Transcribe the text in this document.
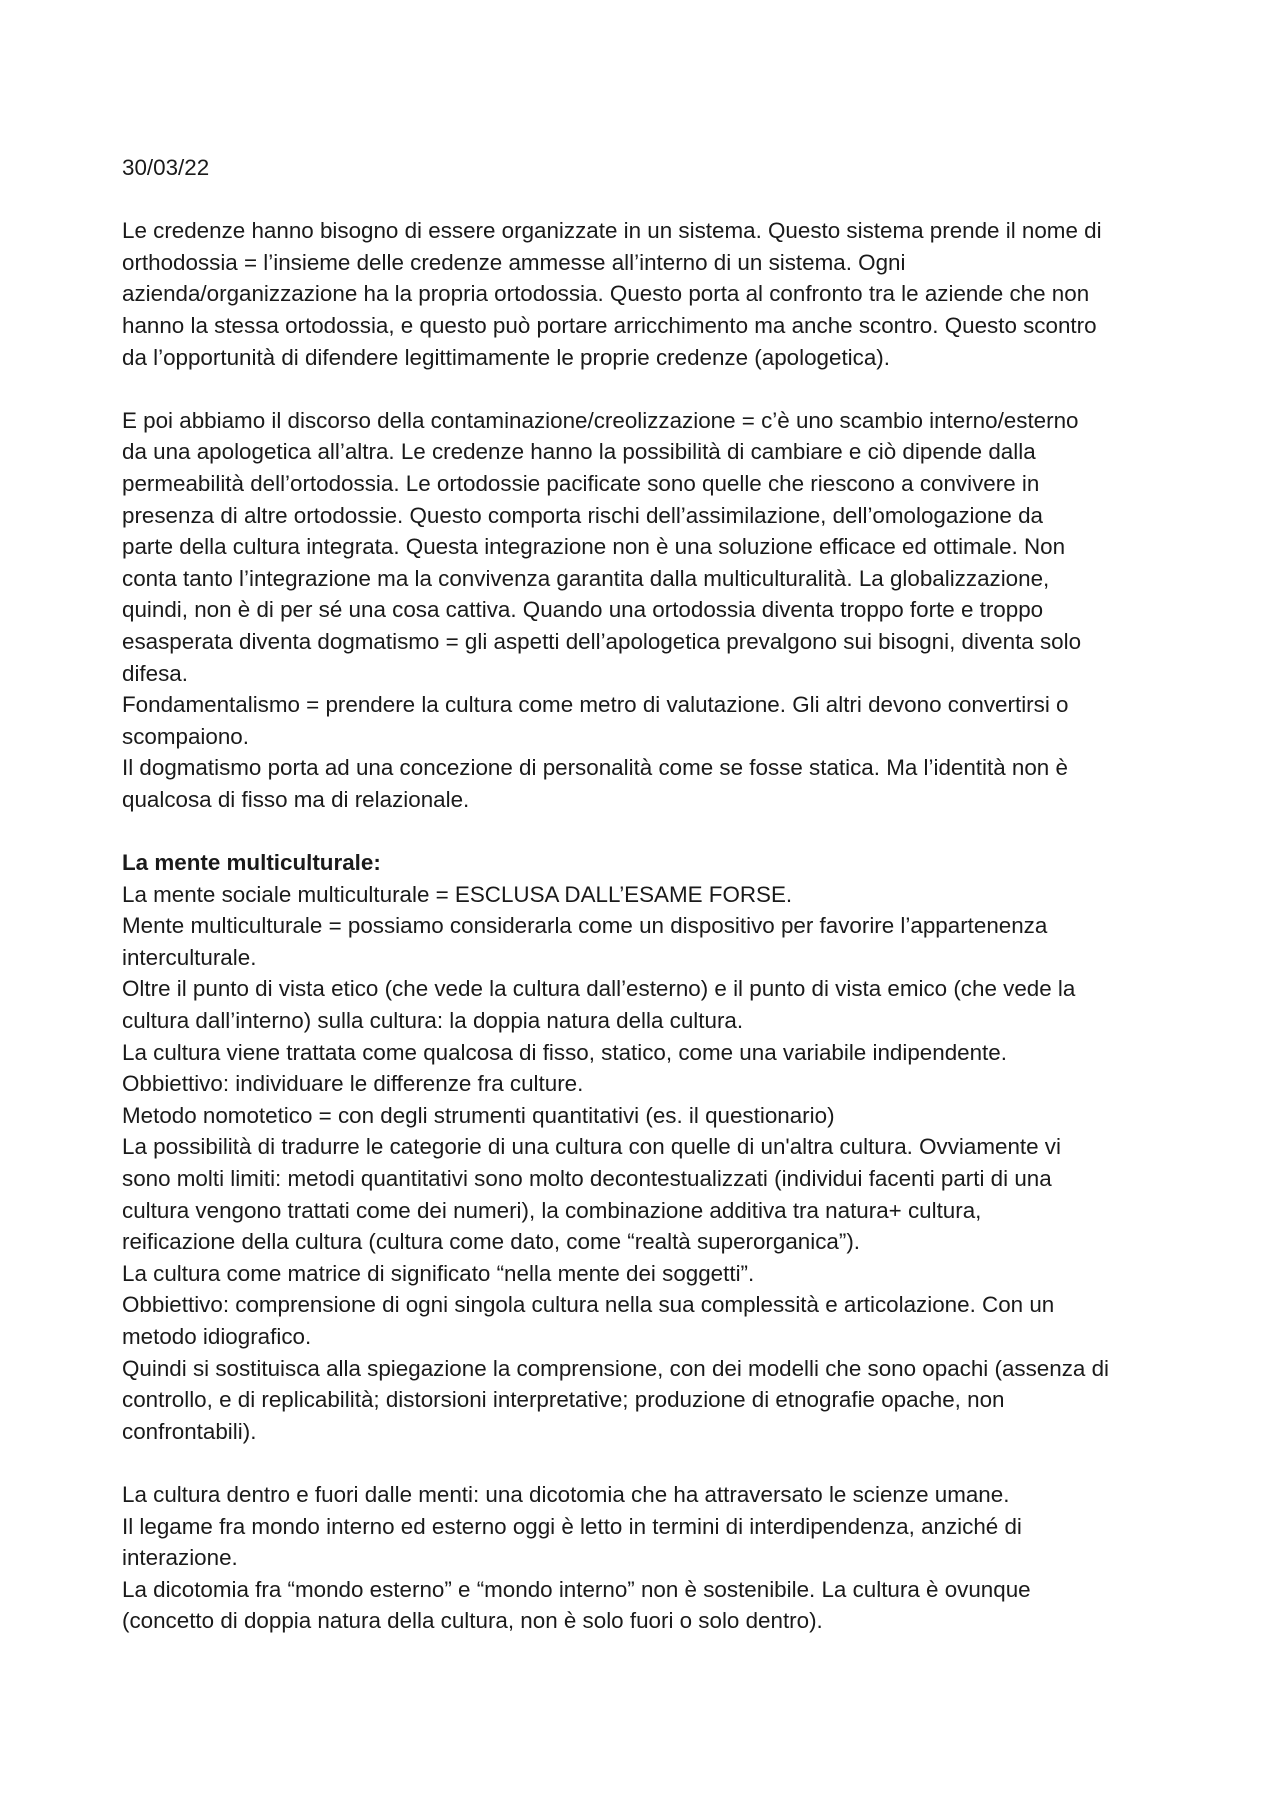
30/03/22

Le credenze hanno bisogno di essere organizzate in un sistema. Questo sistema prende il nome di
orthodossia = l’insieme delle credenze ammesse all’interno di un sistema. Ogni
azienda/organizzazione ha la propria ortodossia. Questo porta al confronto tra le aziende che non
hanno la stessa ortodossia, e questo può portare arricchimento ma anche scontro. Questo scontro
da l’opportunità di difendere legittimamente le proprie credenze (apologetica).

E poi abbiamo il discorso della contaminazione/creolizzazione = c’è uno scambio interno/esterno
da una apologetica all’altra. Le credenze hanno la possibilità di cambiare e ciò dipende dalla
permeabilità dell’ortodossia. Le ortodossie pacificate sono quelle che riescono a convivere in
presenza di altre ortodossie. Questo comporta rischi dell’assimilazione, dell’omologazione da
parte della cultura integrata. Questa integrazione non è una soluzione efficace ed ottimale. Non
conta tanto l’integrazione ma la convivenza garantita dalla multiculturalità. La globalizzazione,
quindi, non è di per sé una cosa cattiva. Quando una ortodossia diventa troppo forte e troppo
esasperata diventa dogmatismo = gli aspetti dell’apologetica prevalgono sui bisogni, diventa solo
difesa.

Fondamentalismo = prendere la cultura come metro di valutazione. Gli altri devono convertirsi o
scompaiono.

Il dogmatismo porta ad una concezione di personalità come se fosse statica. Ma l’identità non è
qualcosa di fisso ma di relazionale.

La mente multiculturale:

La mente sociale multiculturale = ESCLUSA DALL’ESAME FORSE.

Mente multiculturale = possiamo considerarla come un dispositivo per favorire l’appartenenza
interculturale.

Oltre il punto di vista etico (che vede la cultura dall’esterno) e il punto di vista emico (che vede la
cultura dall’interno) sulla cultura: la doppia natura della cultura.

La cultura viene trattata come qualcosa di fisso, statico, come una variabile indipendente.

Obbiettivo: individuare le differenze fra culture.

Metodo nomotetico = con degli strumenti quantitativi (es. il questionario)

La possibilità di tradurre le categorie di una cultura con quelle di un'altra cultura. Ovviamente vi
sono molti limiti: metodi quantitativi sono molto decontestualizzati (individui facenti parti di una
cultura vengono trattati come dei numeri), la combinazione additiva tra natura+ cultura,
reificazione della cultura (cultura come dato, come “realtà superorganica”).

La cultura come matrice di significato “nella mente dei soggetti”.

Obbiettivo: comprensione di ogni singola cultura nella sua complessità e articolazione. Con un
metodo idiografico.

Quindi si sostituisca alla spiegazione la comprensione, con dei modelli che sono opachi (assenza di
controllo, e di replicabilità; distorsioni interpretative; produzione di etnografie opache, non
confrontabili).

La cultura dentro e fuori dalle menti: una dicotomia che ha attraversato le scienze umane.

Il legame fra mondo interno ed esterno oggi è letto in termini di interdipendenza, anziché di
interazione.

La dicotomia fra “mondo esterno” e “mondo interno” non è sostenibile. La cultura è ovunque
(concetto di doppia natura della cultura, non è solo fuori o solo dentro).
